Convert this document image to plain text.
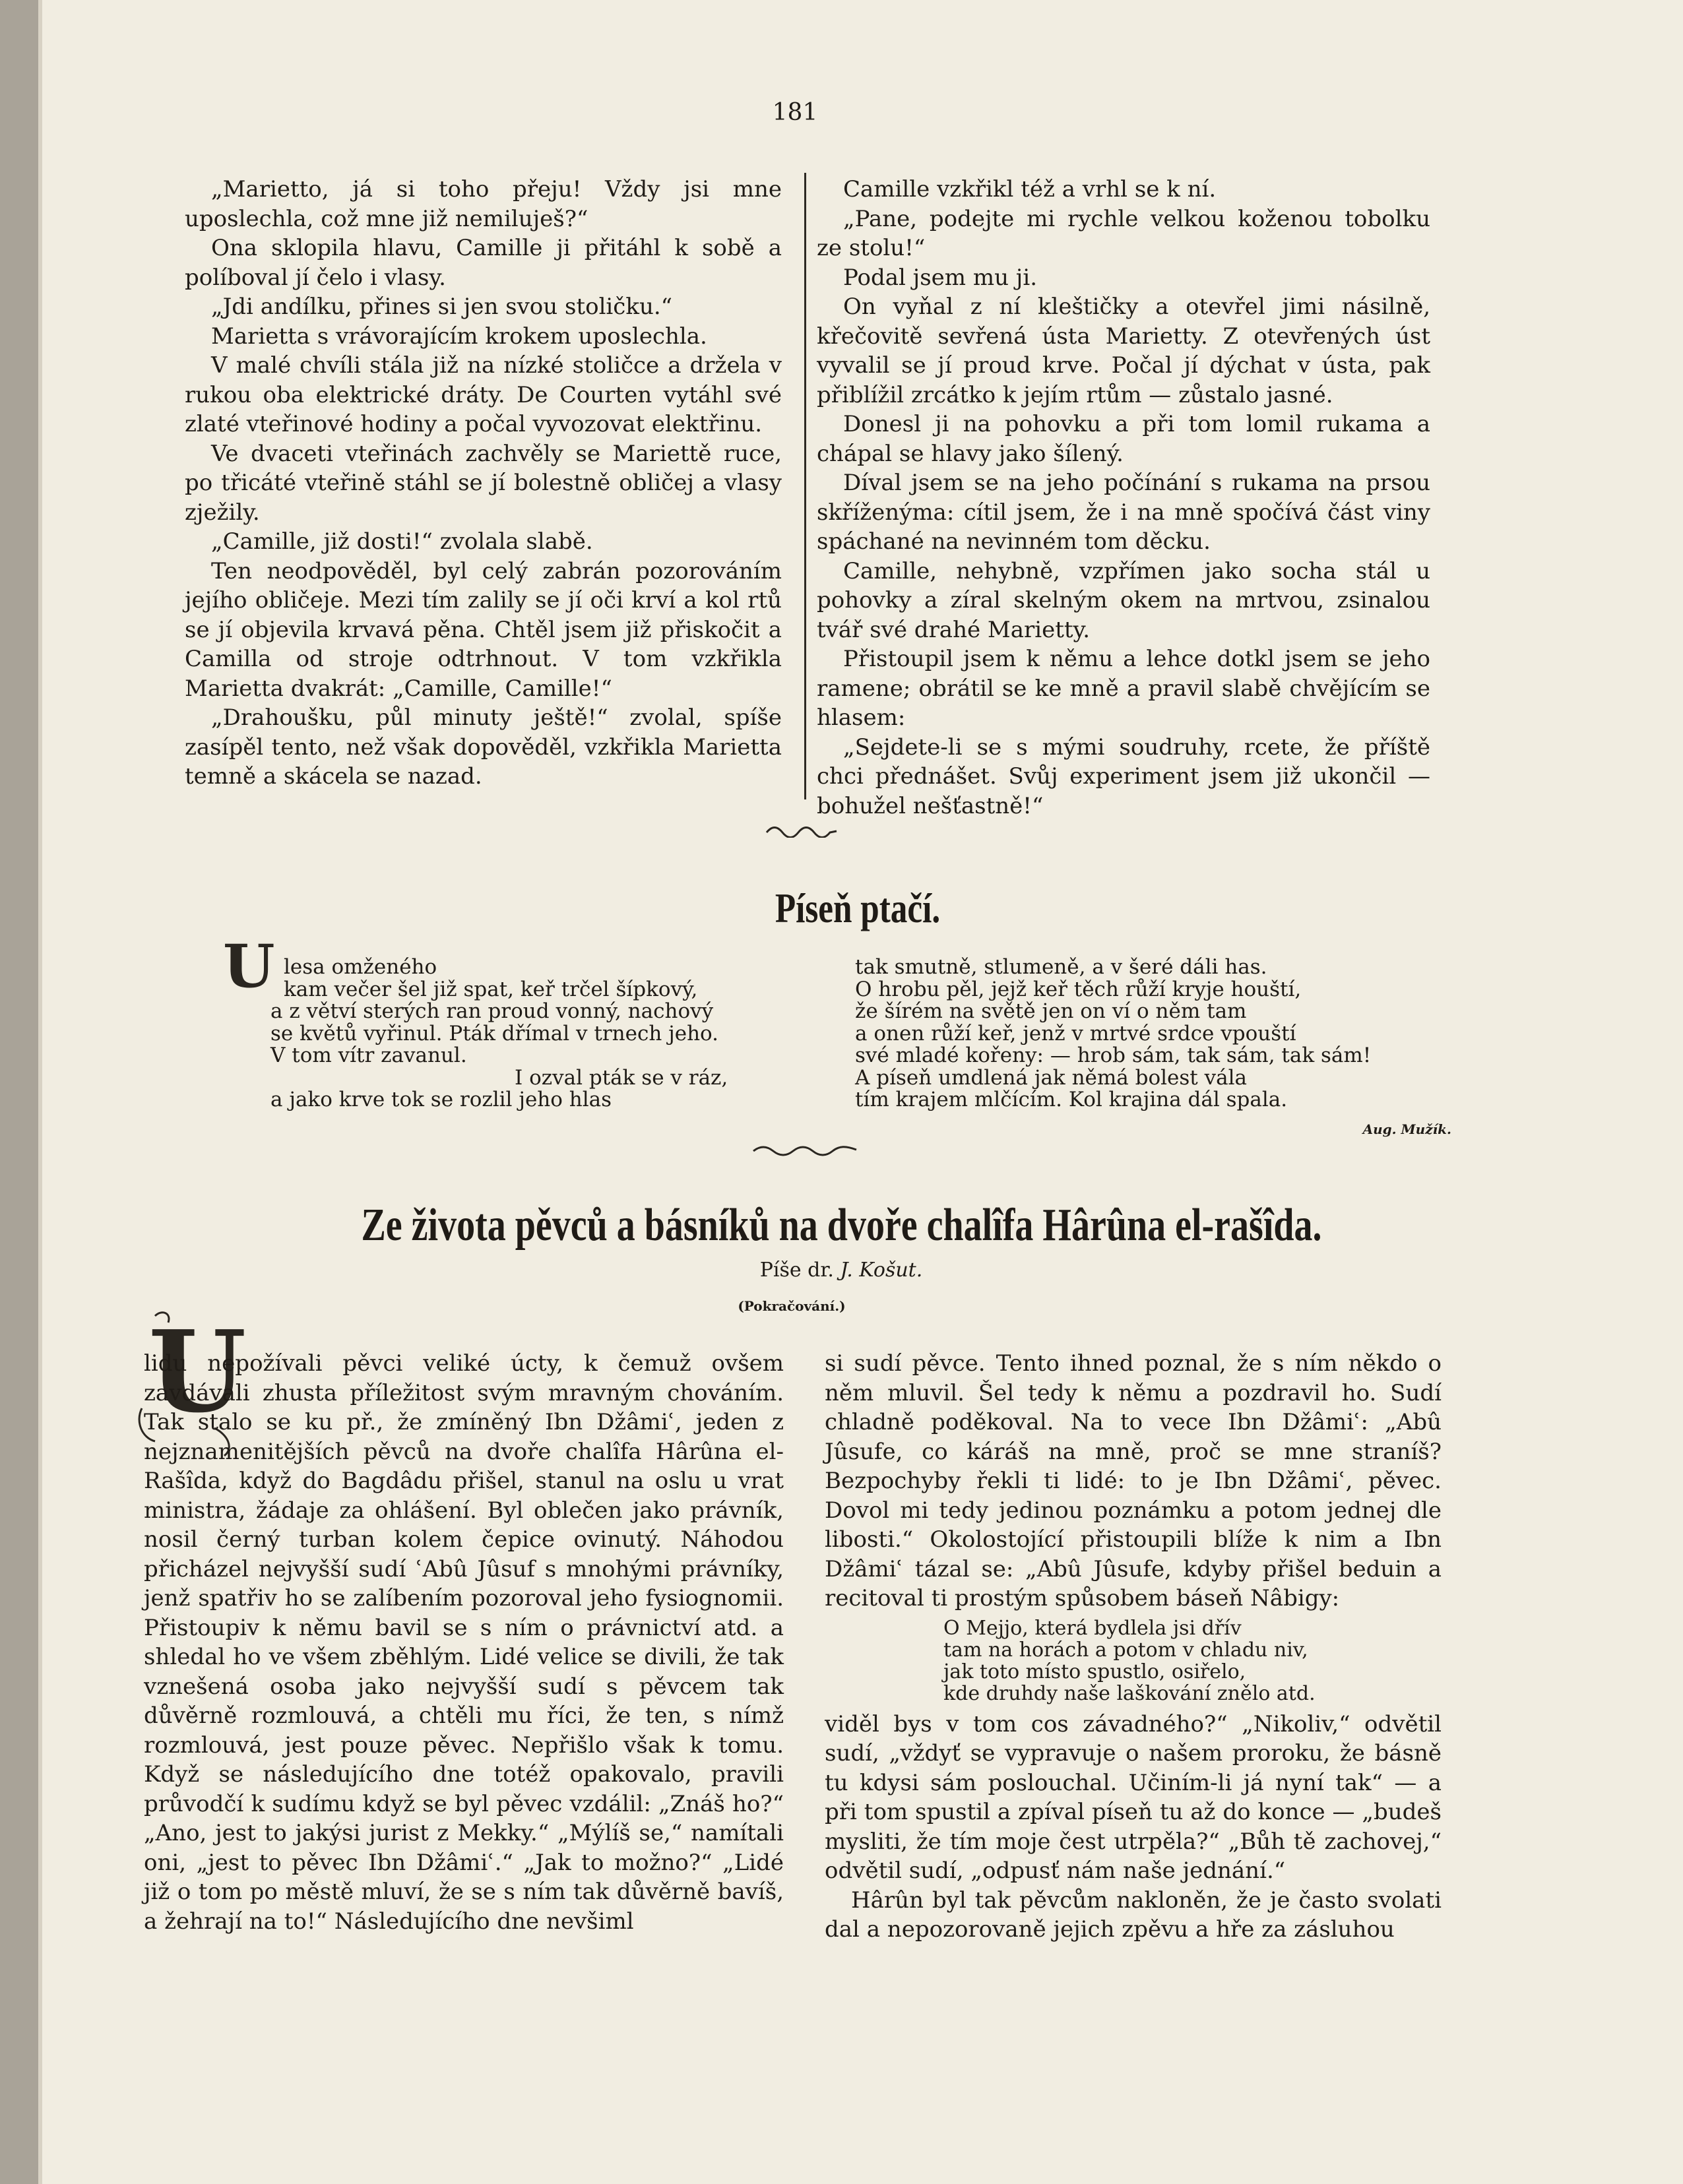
181

„Marietto, já si toho přeju! Vždy jsi mne uposlechla, což mne již nemiluješ?“

Ona sklopila hlavu, Camille ji přitáhl k sobě a políboval jí čelo i vlasy.

„Jdi andílku, přines si jen svou stoličku.“

Marietta s vrávorajícím krokem uposlechla.

V malé chvíli stála již na nízké stoličce a držela v rukou oba elektrické dráty. De Courten vytáhl své zlaté vteřinové hodiny a počal vyvozovat elektřinu.

Ve dvaceti vteřinách zachvěly se Mariettě ruce, po třicáté vteřině stáhl se jí bolestně obličej a vlasy zježily.

„Camille, již dosti!“ zvolala slabě.

Ten neodpověděl, byl celý zabrán pozorováním jejího obličeje. Mezi tím zalily se jí oči krví a kol rtů se jí objevila krvavá pěna. Chtěl jsem již přiskočit a Camilla od stroje odtrhnout. V tom vzkřikla Marietta dvakrát: „Camille, Camille!“

„Drahoušku, půl minuty ještě!“ zvolal, spíše zasípěl tento, než však dopověděl, vzkřikla Marietta temně a skácela se nazad.

Camille vzkřikl též a vrhl se k ní.

„Pane, podejte mi rychle velkou koženou tobolku ze stolu!“

Podal jsem mu ji.

On vyňal z ní kleštičky a otevřel jimi násilně, křečovitě sevřená ústa Marietty. Z otevřených úst vyvalil se jí proud krve. Počal jí dýchat v ústa, pak přiblížil zrcátko k jejím rtům — zůstalo jasné.

Donesl ji na pohovku a při tom lomil rukama a chápal se hlavy jako šílený.

Díval jsem se na jeho počínání s rukama na prsou skříženýma: cítil jsem, že i na mně spočívá část viny spáchané na nevinném tom děcku.

Camille, nehybně, vzpřímen jako socha stál u pohovky a zíral skelným okem na mrtvou, zsinalou tvář své drahé Marietty.

Přistoupil jsem k němu a lehce dotkl jsem se jeho ramene; obrátil se ke mně a pravil slabě chvějícím se hlasem:

„Sejdete-li se s mými soudruhy, rcete, že příště chci přednášet. Svůj experiment jsem již ukončil — bohužel nešťastně!“

Píseň ptačí.
U lesa omženého
kam večer šel již spat, keř trčel šípkový,
a z větví sterých ran proud vonný, nachový
se květů vyřinul. Pták dřímal v trnech jeho.
V tom vítr zavanul.
I ozval pták se v ráz,
a jako krve tok se rozlil jeho hlas
tak smutně, stlumeně, a v šeré dáli has.
O hrobu pěl, jejž keř těch růží kryje houští,
že šírém na světě jen on ví o něm tam
a onen růží keř, jenž v mrtvé srdce vpouští
své mladé kořeny: — hrob sám, tak sám, tak sám!
A píseň umdlená jak němá bolest vála
tím krajem mlčícím. Kol krajina dál spala.
Aug. Mužík.
Ze života pěvců a básníků na dvoře chalîfa Hârûna el-rašîda.
Píše dr. J. Košut.
(Pokračování.)
U

lidu nepožívali pěvci veliké úcty, k čemuž ovšem zavdávali zhusta příležitost svým mravným chováním. Tak stalo se ku př., že zmíněný Ibn Džâmiʿ, jeden z nejznamenitějších pěvců na dvoře chalîfa Hârûna el-Rašîda, když do Bagdâdu přišel, stanul na oslu u vrat ministra, žádaje za ohlášení. Byl oblečen jako právník, nosil černý turban kolem čepice ovinutý. Náhodou přicházel nejvyšší sudí ʿAbû Jûsuf s mnohými právníky, jenž spatřiv ho se zalíbením pozoroval jeho fysiognomii. Přistoupiv k němu bavil se s ním o právnictví atd. a shledal ho ve všem zběhlým. Lidé velice se divili, že tak vznešená osoba jako nejvyšší sudí s pěvcem tak důvěrně rozmlouvá, a chtěli mu říci, že ten, s nímž rozmlouvá, jest pouze pěvec. Nepřišlo však k tomu. Když se následujícího dne totéž opakovalo, pravili průvodčí k sudímu když se byl pěvec vzdálil: „Znáš ho?“ „Ano, jest to jakýsi jurist z Mekky.“ „Mýlíš se,“ namítali oni, „jest to pěvec Ibn Džâmiʿ.“ „Jak to možno?“ „Lidé již o tom po městě mluví, že se s ním tak důvěrně bavíš, a žehrají na to!“ Následujícího dne nevšiml

si sudí pěvce. Tento ihned poznal, že s ním někdo o něm mluvil. Šel tedy k němu a pozdravil ho. Sudí chladně poděkoval. Na to vece Ibn Džâmiʿ: „Abû Jûsufe, co káráš na mně, proč se mne straníš? Bezpochyby řekli ti lidé: to je Ibn Džâmiʿ, pěvec. Dovol mi tedy jedinou poznámku a potom jednej dle libosti.“ Okolostojící přistoupili blíže k nim a Ibn Džâmiʿ tázal se: „Abû Jûsufe, kdyby přišel beduin a recitoval ti prostým spůsobem báseň Nâbigy:

O Mejjo, která bydlela jsi dřív
tam na horách a potom v chladu niv,
jak toto místo spustlo, osiřelo,
kde druhdy naše laškování znělo atd.

viděl bys v tom cos závadného?“ „Nikoliv,“ odvětil sudí, „vždyť se vypravuje o našem proroku, že básně tu kdysi sám poslouchal. Učiním-li já nyní tak“ — a při tom spustil a zpíval píseň tu až do konce — „budeš mysliti, že tím moje čest utrpěla?“ „Bůh tě zachovej,“ odvětil sudí, „odpusť nám naše jednání.“

Hârûn byl tak pěvcům nakloněn, že je často svolati dal a nepozorovaně jejich zpěvu a hře za zásluhou
